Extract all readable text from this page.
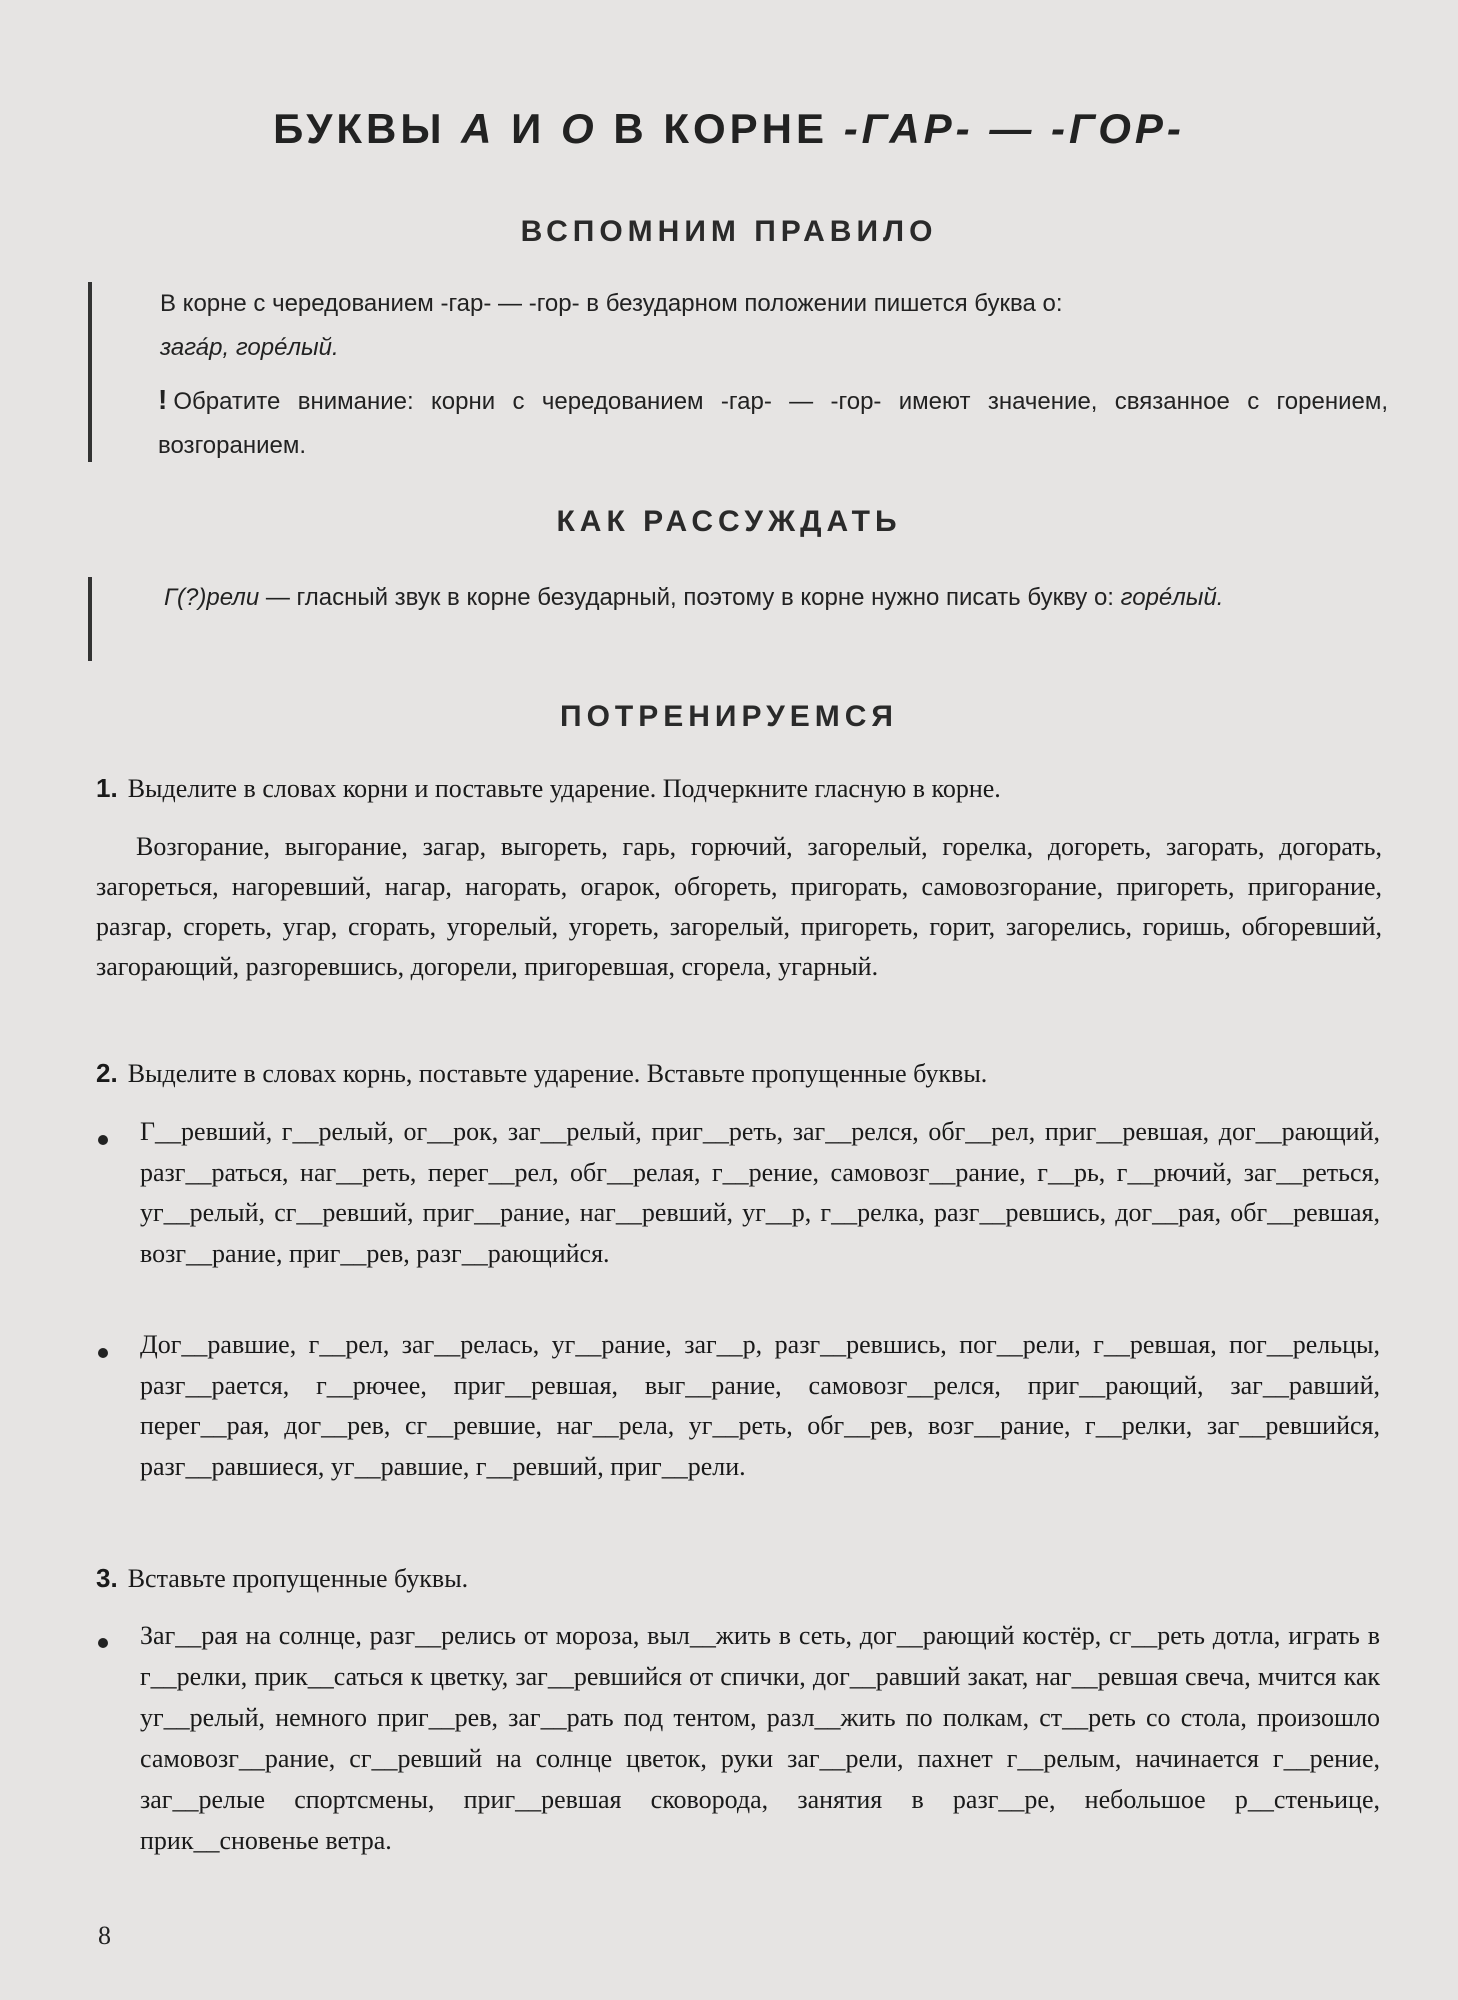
БУКВЫ А И О В КОРНЕ -ГАР- — -ГОР-
ВСПОМНИМ ПРАВИЛО
В корне с чередованием -гар- — -гор- в безударном положении пишется буква о:
зага́р, горе́лый.
! Обратите внимание: корни с чередованием -гар- — -гор- имеют значение, связанное с горением, возгоранием.
КАК РАССУЖДАТЬ
Г(?)рели — гласный звук в корне безударный, поэтому в корне нужно писать букву о: горе́лый.
ПОТРЕНИРУЕМСЯ
1. Выделите в словах корни и поставьте ударение. Подчеркните гласную в корне.
Возгорание, выгорание, загар, выгореть, гарь, горючий, загорелый, горелка, догореть, загорать, догорать, загореться, нагоревший, нагар, нагорать, огарок, обгореть, пригорать, самовозгорание, пригореть, пригорание, разгар, сгореть, угар, сгорать, угорелый, угореть, загорелый, пригореть, горит, загорелись, горишь, обгоревший, загорающий, разгоревшись, догорели, пригоревшая, сгорела, угарный.
2. Выделите в словах корнь, поставьте ударение. Вставьте пропущенные буквы.
Г__ревший, г__релый, ог__рок, заг__релый, приг__реть, заг__релся, обг__рел, приг__ревшая, дог__рающий, разг__раться, наг__реть, перег__рел, обг__релая, г__рение, самовозг__рание, г__рь, г__рючий, заг__реться, уг__релый, сг__ревший, приг__рание, наг__ревший, уг__р, г__релка, разг__ревшись, дог__рая, обг__ревшая, возг__рание, приг__рев, разг__рающийся.
Дог__равшие, г__рел, заг__релась, уг__рание, заг__р, разг__ревшись, пог__рели, г__ревшая, пог__рельцы, разг__рается, г__рючее, приг__ревшая, выг__рание, самовозг__релся, приг__рающий, заг__равший, перег__рая, дог__рев, сг__ревшие, наг__рела, уг__реть, обг__рев, возг__рание, г__релки, заг__ревшийся, разг__равшиеся, уг__равшие, г__ревший, приг__рели.
3. Вставьте пропущенные буквы.
Заг__рая на солнце, разг__релись от мороза, выл__жить в сеть, дог__рающий костёр, сг__реть дотла, играть в г__релки, прик__саться к цветку, заг__ревшийся от спички, дог__равший закат, наг__ревшая свеча, мчится как уг__релый, немного приг__рев, заг__рать под тентом, разл__жить по полкам, ст__реть со стола, произошло самовозг__рание, сг__ревший на солнце цветок, руки заг__рели, пахнет г__релым, начинается г__рение, заг__релые спортсмены, приг__ревшая сковорода, занятия в разг__ре, небольшое р__стеньице, прик__сновенье ветра.
8
